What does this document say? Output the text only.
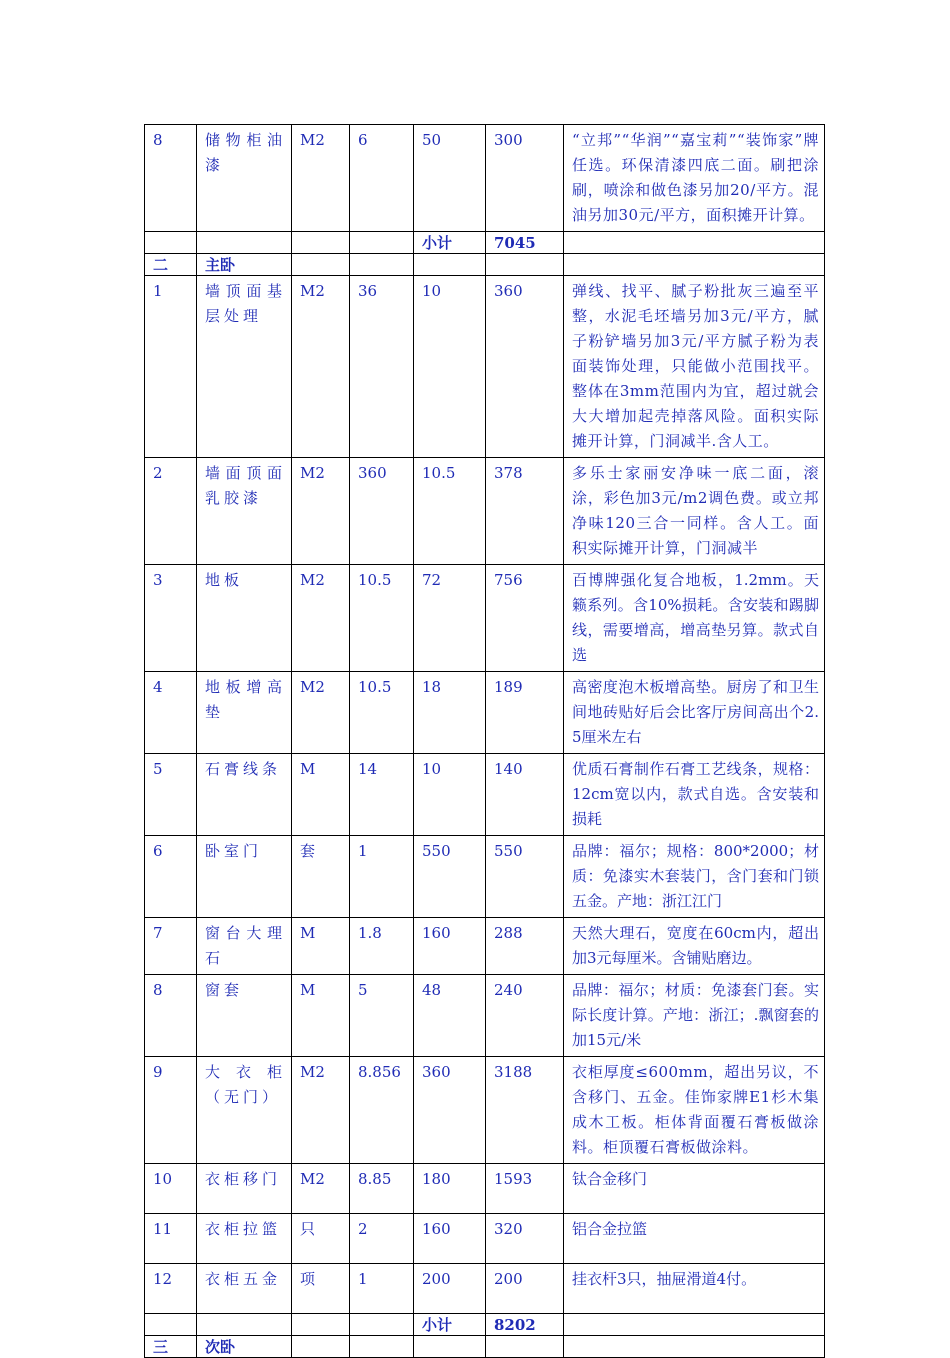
8	储物柜油漆	M2	6	50	300	“立邦”“华润”“嘉宝莉”“装饰家”牌任选。环保清漆四底二面。刷把涂刷，喷涂和做色漆另加20/平方。混油另加30元/平方，面积摊开计算。
				小计	7045	
二	主卧					
1	墙顶面基层处理	M2	36	10	360	弹线、找平、腻子粉批灰三遍至平整，水泥毛坯墙另加3元/平方，腻子粉铲墙另加3元/平方腻子粉为表面装饰处理，只能做小范围找平。整体在3mm范围内为宜，超过就会大大增加起壳掉落风险。面积实际摊开计算，门洞减半.含人工。
2	墙面顶面乳胶漆	M2	360	10.5	378	多乐士家丽安净味一底二面，滚涂，彩色加3元/m2调色费。或立邦净味120三合一同样。含人工。面积实际摊开计算，门洞减半
3	地板	M2	10.5	72	756	百博牌强化复合地板，1.2mm。天籁系列。含10%损耗。含安装和踢脚线，需要增高，增高垫另算。款式自选
4	地板增高垫	M2	10.5	18	189	高密度泡木板增高垫。厨房了和卫生间地砖贴好后会比客厅房间高出个2.5厘米左右
5	石膏线条	M	14	10	140	优质石膏制作石膏工艺线条，规格：12cm宽以内，款式自选。含安装和损耗
6	卧室门	套	1	550	550	品牌：福尔；规格：800*2000；材质：免漆实木套装门，含门套和门锁五金。产地：浙江江门
7	窗台大理石	M	1.8	160	288	天然大理石，宽度在60cm内，超出加3元每厘米。含铺贴磨边。
8	窗套	M	5	48	240	品牌：福尔；材质：免漆套门套。实际长度计算。产地：浙江；.飘窗套的加15元/米
9	大衣柜（无门）	M2	8.856	360	3188	衣柜厚度≤600mm，超出另议，不含移门、五金。佳饰家牌E1杉木集成木工板。柜体背面覆石膏板做涂料。柜顶覆石膏板做涂料。
10	衣柜移门	M2	8.85	180	1593	钛合金移门
11	衣柜拉篮	只	2	160	320	铝合金拉篮
12	衣柜五金	项	1	200	200	挂衣杆3只，抽屉滑道4付。
				小计	8202	
三	次卧					
